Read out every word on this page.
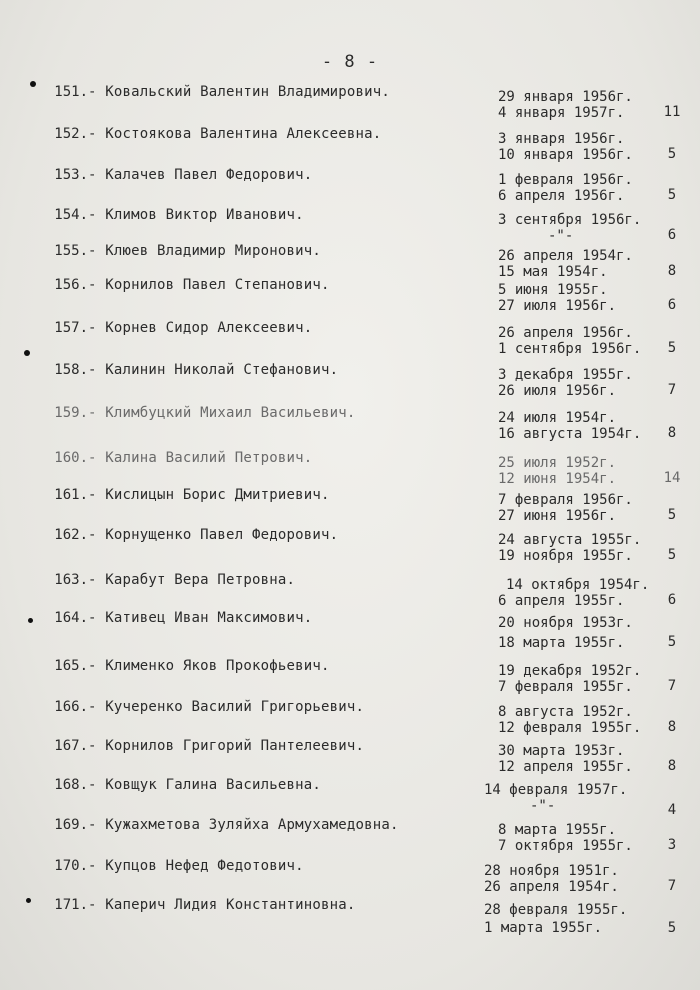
- 8 -
151. - Ковальский Валентин Владимирович.	29 января 1956г.
4 января 1957г.	11
152. - Костоякова Валентина Алексеевна.	3 января 1956г.
10 января 1956г.	5
153. - Калачев Павел Федорович.	1 февраля 1956г.
6 апреля 1956г.	5
154. - Климов Виктор Иванович.	3 сентября 1956г.
-"-	6
155. - Клюев Владимир Миронович.	26 апреля 1954г.
15 мая 1954г.	8
156. - Корнилов Павел Степанович.	5 июня 1955г.
27 июля 1956г.	6
157. - Корнев Сидор Алексеевич.	26 апреля 1956г.
1 сентября 1956г.	5
158. - Калинин Николай Стефанович.	3 декабря 1955г.
26 июля 1956г.	7
159. - Климбуцкий Михаил Васильевич.	24 июля 1954г.
16 августа 1954г.	8
160. - Калина Василий Петрович.	25 июля 1952г.
12 июня 1954г.	14
161. - Кислицын Борис Дмитриевич.	7 февраля 1956г.
27 июня 1956г.	5
162. - Корнущенко Павел Федорович.	24 августа 1955г.
19 ноября 1955г.	5
163. - Карабут Вера Петровна.	14 октября 1954г.
6 апреля 1955г.	6
164. - Кативец Иван Максимович.	20 ноября 1953г.
18 марта 1955г.	5
165. - Клименко Яков Прокофьевич.	19 декабря 1952г.
7 февраля 1955г.	7
166. - Кучеренко Василий Григорьевич.	8 августа 1952г.
12 февраля 1955г.	8
167. - Корнилов Григорий Пантелеевич.	30 марта 1953г.
12 апреля 1955г.	8
168. - Ковщук Галина Васильевна.	14 февраля 1957г.
-"-	4
169. - Кужахметова Зуляйха Армухамедовна.	8 марта 1955г.
7 октября 1955г.	3
170. - Купцов Нефед Федотович.	28 ноября 1951г.
26 апреля 1954г.	7
171. - Каперич Лидия Константиновна.	28 февраля 1955г.
1 марта 1955г.	5
